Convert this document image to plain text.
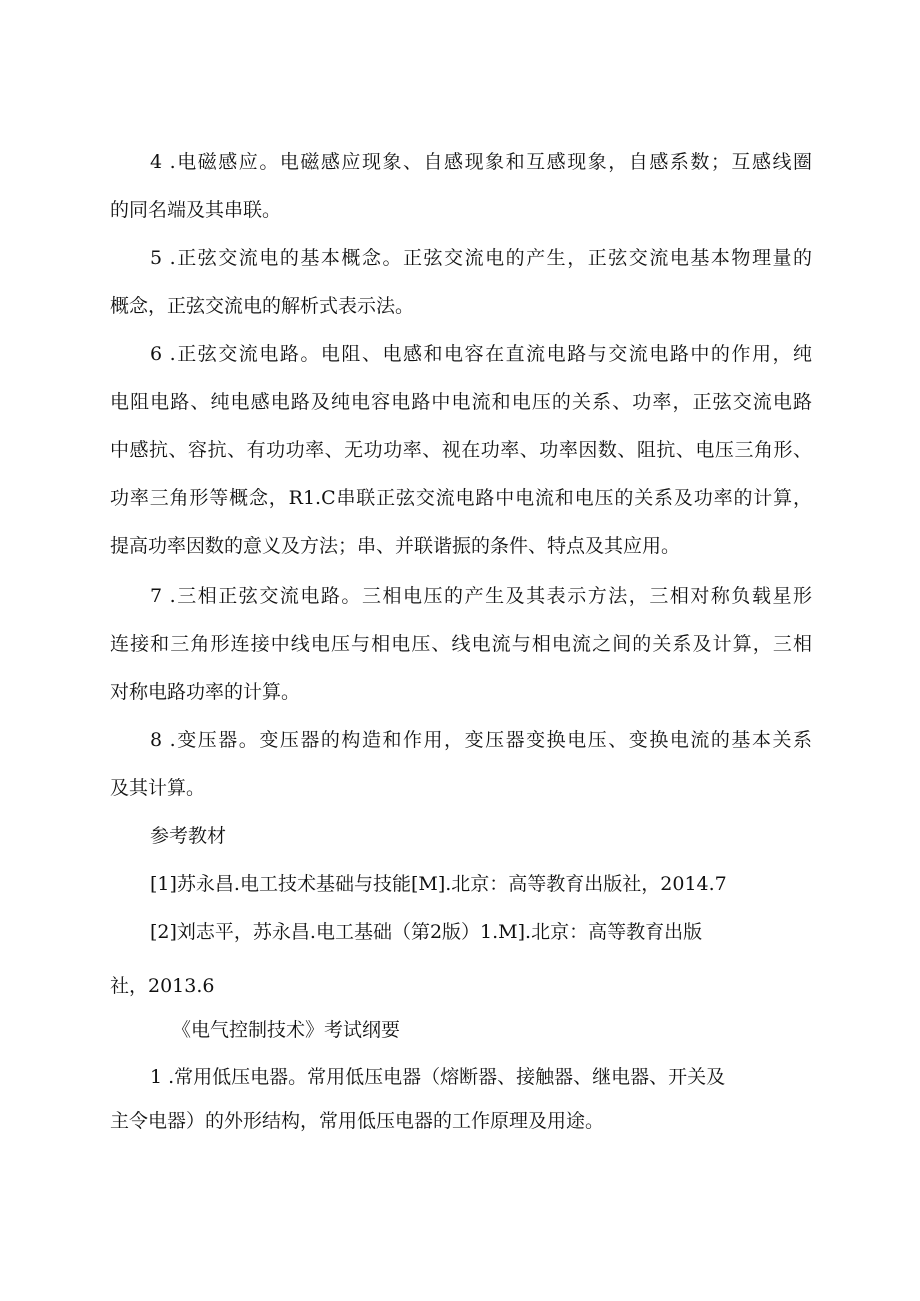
4 .电磁感应。电磁感应现象、自感现象和互感现象，自感系数；互感线圈
的同名端及其串联。
5 .正弦交流电的基本概念。正弦交流电的产生，正弦交流电基本物理量的
概念，正弦交流电的解析式表示法。
6 .正弦交流电路。电阻、电感和电容在直流电路与交流电路中的作用，纯
电阻电路、纯电感电路及纯电容电路中电流和电压的关系、功率，正弦交流电路
中感抗、容抗、有功功率、无功功率、视在功率、功率因数、阻抗、电压三角形、
功率三角形等概念，R1.C串联正弦交流电路中电流和电压的关系及功率的计算，
提高功率因数的意义及方法；串、并联谐振的条件、特点及其应用。
7 .三相正弦交流电路。三相电压的产生及其表示方法，三相对称负载星形
连接和三角形连接中线电压与相电压、线电流与相电流之间的关系及计算，三相
对称电路功率的计算。
8 .变压器。变压器的构造和作用，变压器变换电压、变换电流的基本关系
及其计算。
参考教材
[1]苏永昌.电工技术基础与技能[M].北京：高等教育出版社，2014.7
[2]刘志平，苏永昌.电工基础（第2版）1.M].北京：高等教育出版
社，2013.6
《电气控制技术》考试纲要
1 .常用低压电器。常用低压电器（熔断器、接触器、继电器、开关及
主令电器）的外形结构，常用低压电器的工作原理及用途。
